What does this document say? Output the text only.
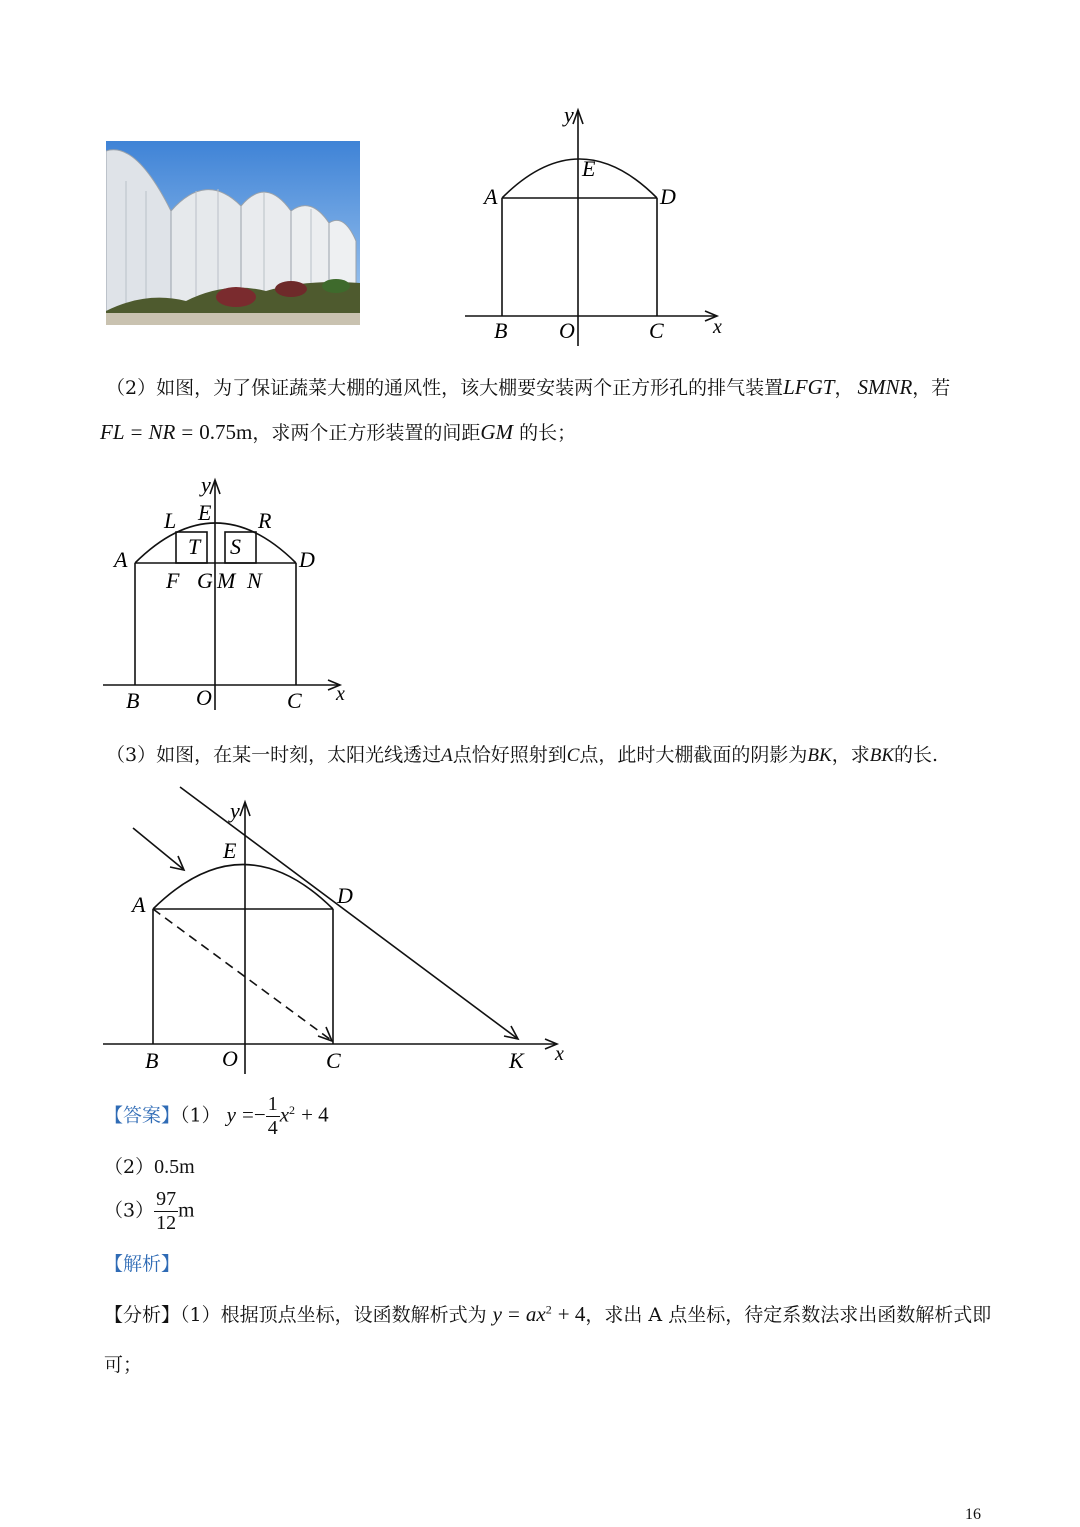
y
E
A	D
B O	C x
（2）如图，为了保证蔬菜大棚的通风性，该大棚要安装两个正方形孔的排气装置LFGT， SMNR，若
FL = NR = 0.75m，求两个正方形装置的间距GM 的长；
y
E
L	R
T S
A	D
F G M N
B	O	C x
（3）如图，在某一时刻，太阳光线透过A点恰好照射到C点，此时大棚截面的阴影为BK，求BK的长.
y
E
A	D
B	O	C	K x
【答案】（1） $y =- \frac{1}{4} x^2 + 4$
（2）0.5m
$(3) \frac{97}{12}$ m
【解析】
【分析】（1）根据顶点坐标，设函数解析式为 $y = ax^2 + 4$，求出 A 点坐标，待定系数法求出函数解析式即
可；
16
